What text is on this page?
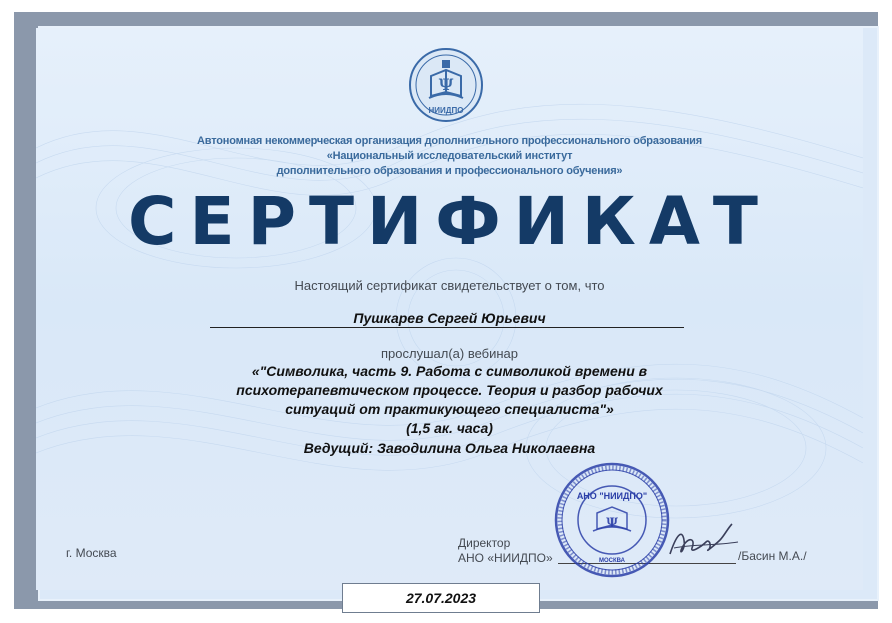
Ψ
НИИДПО
Автономная некоммерческая организация дополнительного профессионального образования
«Национальный исследовательский институт
дополнительного образования и профессионального обучения»
СЕРТИФИКАТ
Настоящий сертификат свидетельствует о том, что
Пушкарев Сергей Юрьевич
прослушал(а) вебинар
«"Символика, часть 9. Работа с символикой времени в
психотерапевтическом процессе. Теория и разбор рабочих
ситуаций от практикующего специалиста"»
(1,5 ак. часа)
Ведущий: Заводилина Ольга Николаевна
г. Москва
Директор
АНО «НИИДПО»	/Басин М.А./
Ψ
АНО "НИИДПО"
МОСКВА
27.07.2023
